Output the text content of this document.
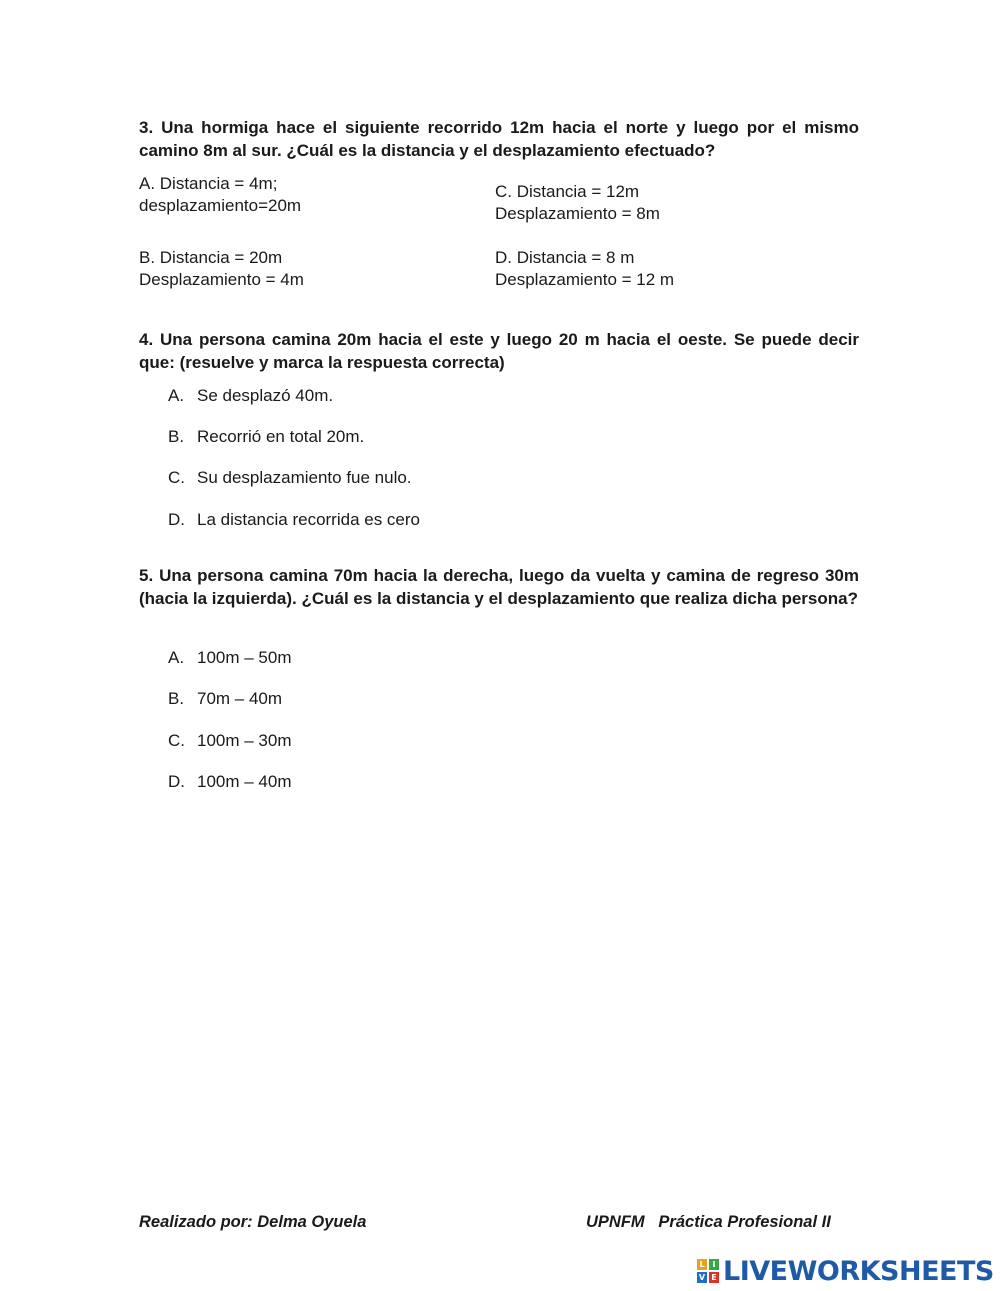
3. Una hormiga hace el siguiente recorrido 12m hacia el norte y luego por el mismo camino 8m al sur. ¿Cuál es la distancia y el desplazamiento efectuado?

A. Distancia = 4m;

desplazamiento=20m

C. Distancia = 12m

Desplazamiento = 8m

B. Distancia = 20m

Desplazamiento = 4m

D. Distancia = 8 m

Desplazamiento = 12 m

4. Una persona camina 20m hacia el este y luego 20 m hacia el oeste. Se puede decir que: (resuelve y marca la respuesta correcta)

A. Se desplazó 40m.
B. Recorrió en total 20m.
C. Su desplazamiento fue nulo.
D. La distancia recorrida es cero

5. Una persona camina 70m hacia la derecha, luego da vuelta y camina de regreso 30m (hacia la izquierda). ¿Cuál es la distancia y el desplazamiento que realiza dicha persona?

A. 100m – 50m
B. 70m – 40m
C. 100m – 30m
D. 100m – 40m
Realizado por: Delma Oyuela	UPNFM   Práctica Profesional II
L I
V E LIVEWORKSHEETS
